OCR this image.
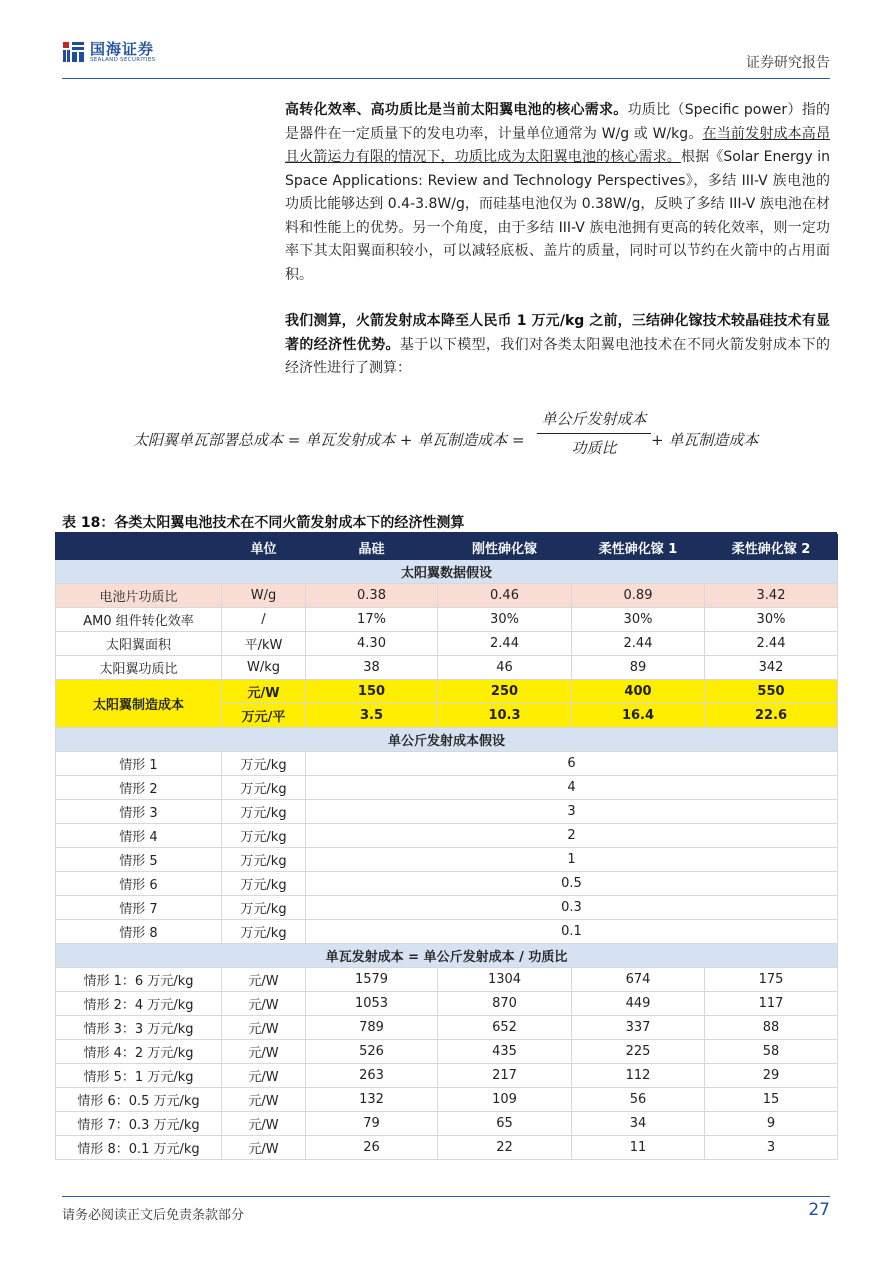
国海证券
SEALAND SECURITIES	证券研究报告

高转化效率、高功质比是当前太阳翼电池的核心需求。功质比（Specific power）指的是器件在一定质量下的发电功率，计量单位通常为 W/g 或 W/kg。在当前发射成本高昂且火箭运力有限的情况下，功质比成为太阳翼电池的核心需求。根据《Solar Energy in Space Applications: Review and Technology Perspectives》，多结 III-V 族电池的功质比能够达到 0.4-3.8W/g，而硅基电池仅为 0.38W/g，反映了多结 III-V 族电池在材料和性能上的优势。另一个角度，由于多结 III-V 族电池拥有更高的转化效率，则一定功率下其太阳翼面积较小，可以减轻底板、盖片的质量，同时可以节约在火箭中的占用面积。

我们测算，火箭发射成本降至人民币 1 万元/kg 之前，三结砷化镓技术较晶硅技术有显著的经济性优势。基于以下模型，我们对各类太阳翼电池技术在不同火箭发射成本下的经济性进行了测算：

太阳翼单瓦部署总成本 = 单瓦发射成本 + 单瓦制造成本 =
单公斤发射成本
功质比	+ 单瓦制造成本
表 18：各类太阳翼电池技术在不同火箭发射成本下的经济性测算
	单位	晶硅	刚性砷化镓	柔性砷化镓 1	柔性砷化镓 2
太阳翼数据假设					
电池片功质比	W/g	0.38	0.46	0.89	3.42
AM0 组件转化效率	/	17%	30%	30%	30%
太阳翼面积	平/kW	4.30	2.44	2.44	2.44
太阳翼功质比	W/kg	38	46	89	342
太阳翼制造成本	元/W	150	250	400	550
	万元/平	3.5	10.3	16.4	22.6
单公斤发射成本假设					
情形 1	万元/kg	6			
情形 2	万元/kg	4			
情形 3	万元/kg	3			
情形 4	万元/kg	2			
情形 5	万元/kg	1			
情形 6	万元/kg	0.5			
情形 7	万元/kg	0.3			
情形 8	万元/kg	0.1			
单瓦发射成本 = 单公斤发射成本 / 功质比					
情形 1：6 万元/kg	元/W	1579	1304	674	175
情形 2：4 万元/kg	元/W	1053	870	449	117
情形 3：3 万元/kg	元/W	789	652	337	88
情形 4：2 万元/kg	元/W	526	435	225	58
情形 5：1 万元/kg	元/W	263	217	112	29
情形 6：0.5 万元/kg	元/W	132	109	56	15
情形 7：0.3 万元/kg	元/W	79	65	34	9
情形 8：0.1 万元/kg	元/W	26	22	11	3
请务必阅读正文后免责条款部分	27
